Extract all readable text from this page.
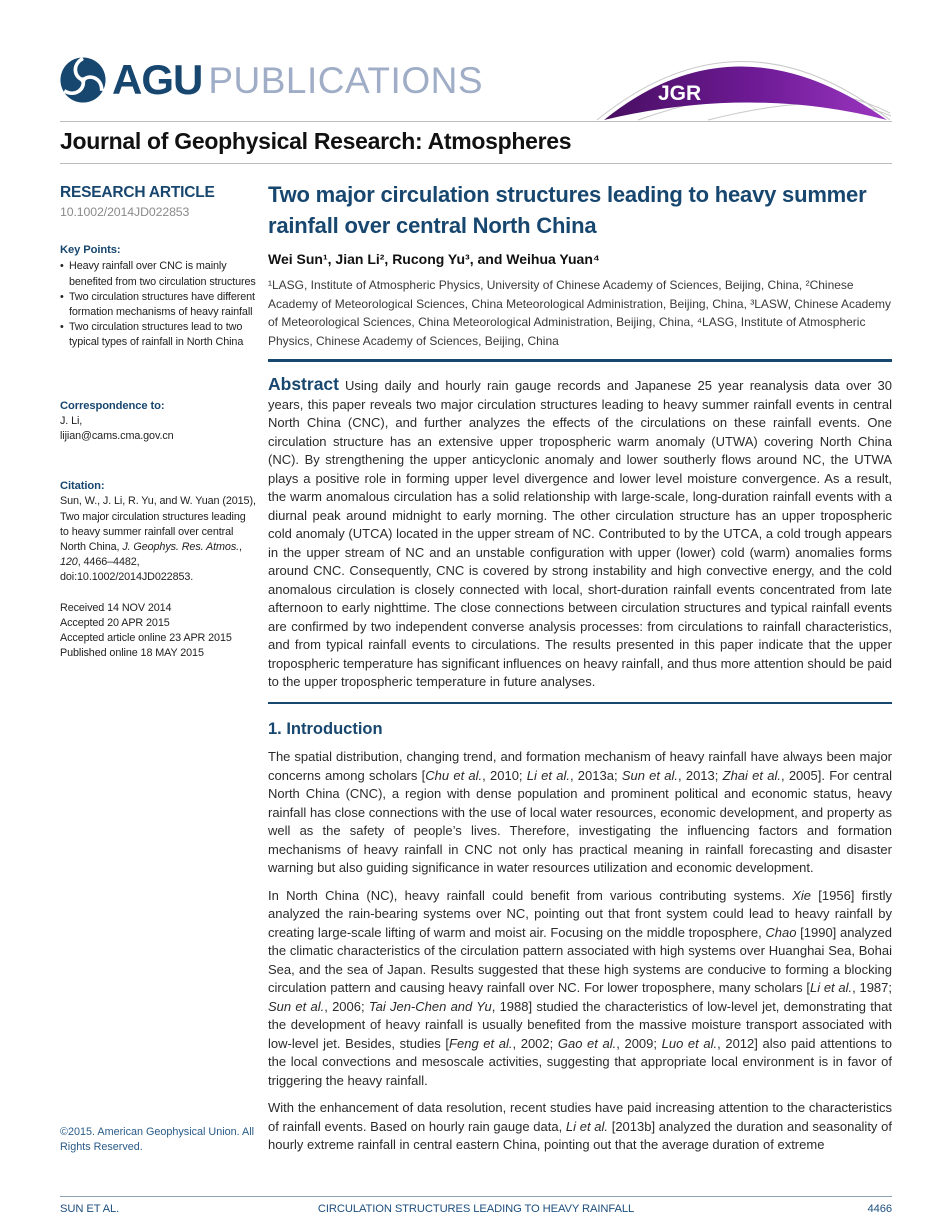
AGU PUBLICATIONS	JGR
Journal of Geophysical Research: Atmospheres
RESEARCH ARTICLE
10.1002/2014JD022853
Key Points:
• Heavy rainfall over CNC is mainly benefited from two circulation structures
• Two circulation structures have different formation mechanisms of heavy rainfall
• Two circulation structures lead to two typical types of rainfall in North China
Correspondence to:
J. Li,
lijian@cams.cma.gov.cn
Citation:
Sun, W., J. Li, R. Yu, and W. Yuan (2015), Two major circulation structures leading to heavy summer rainfall over central North China, J. Geophys. Res. Atmos., 120, 4466–4482, doi:10.1002/2014JD022853.
Received 14 NOV 2014
Accepted 20 APR 2015
Accepted article online 23 APR 2015
Published online 18 MAY 2015
©2015. American Geophysical Union. All Rights Reserved.
Two major circulation structures leading to heavy summer rainfall over central North China
Wei Sun¹, Jian Li², Rucong Yu³, and Weihua Yuan⁴
¹LASG, Institute of Atmospheric Physics, University of Chinese Academy of Sciences, Beijing, China, ²Chinese Academy of Meteorological Sciences, China Meteorological Administration, Beijing, China, ³LASW, Chinese Academy of Meteorological Sciences, China Meteorological Administration, Beijing, China, ⁴LASG, Institute of Atmospheric Physics, Chinese Academy of Sciences, Beijing, China
Abstract Using daily and hourly rain gauge records and Japanese 25 year reanalysis data over 30 years, this paper reveals two major circulation structures leading to heavy summer rainfall events in central North China (CNC), and further analyzes the effects of the circulations on these rainfall events. One circulation structure has an extensive upper tropospheric warm anomaly (UTWA) covering North China (NC). By strengthening the upper anticyclonic anomaly and lower southerly flows around NC, the UTWA plays a positive role in forming upper level divergence and lower level moisture convergence. As a result, the warm anomalous circulation has a solid relationship with large-scale, long-duration rainfall events with a diurnal peak around midnight to early morning. The other circulation structure has an upper tropospheric cold anomaly (UTCA) located in the upper stream of NC. Contributed to by the UTCA, a cold trough appears in the upper stream of NC and an unstable configuration with upper (lower) cold (warm) anomalies forms around CNC. Consequently, CNC is covered by strong instability and high convective energy, and the cold anomalous circulation is closely connected with local, short-duration rainfall events concentrated from late afternoon to early nighttime. The close connections between circulation structures and typical rainfall events are confirmed by two independent converse analysis processes: from circulations to rainfall characteristics, and from typical rainfall events to circulations. The results presented in this paper indicate that the upper tropospheric temperature has significant influences on heavy rainfall, and thus more attention should be paid to the upper tropospheric temperature in future analyses.
1. Introduction
The spatial distribution, changing trend, and formation mechanism of heavy rainfall have always been major concerns among scholars [Chu et al., 2010; Li et al., 2013a; Sun et al., 2013; Zhai et al., 2005]. For central North China (CNC), a region with dense population and prominent political and economic status, heavy rainfall has close connections with the use of local water resources, economic development, and property as well as the safety of people’s lives. Therefore, investigating the influencing factors and formation mechanisms of heavy rainfall in CNC not only has practical meaning in rainfall forecasting and disaster warning but also guiding significance in water resources utilization and economic development.
In North China (NC), heavy rainfall could benefit from various contributing systems. Xie [1956] firstly analyzed the rain-bearing systems over NC, pointing out that front system could lead to heavy rainfall by creating large-scale lifting of warm and moist air. Focusing on the middle troposphere, Chao [1990] analyzed the climatic characteristics of the circulation pattern associated with high systems over Huanghai Sea, Bohai Sea, and the sea of Japan. Results suggested that these high systems are conducive to forming a blocking circulation pattern and causing heavy rainfall over NC. For lower troposphere, many scholars [Li et al., 1987; Sun et al., 2006; Tai Jen-Chen and Yu, 1988] studied the characteristics of low-level jet, demonstrating that the development of heavy rainfall is usually benefited from the massive moisture transport associated with low-level jet. Besides, studies [Feng et al., 2002; Gao et al., 2009; Luo et al., 2012] also paid attentions to the local convections and mesoscale activities, suggesting that appropriate local environment is in favor of triggering the heavy rainfall.
With the enhancement of data resolution, recent studies have paid increasing attention to the characteristics of rainfall events. Based on hourly rain gauge data, Li et al. [2013b] analyzed the duration and seasonality of hourly extreme rainfall in central eastern China, pointing out that the average duration of extreme
SUN ET AL.	CIRCULATION STRUCTURES LEADING TO HEAVY RAINFALL	4466
